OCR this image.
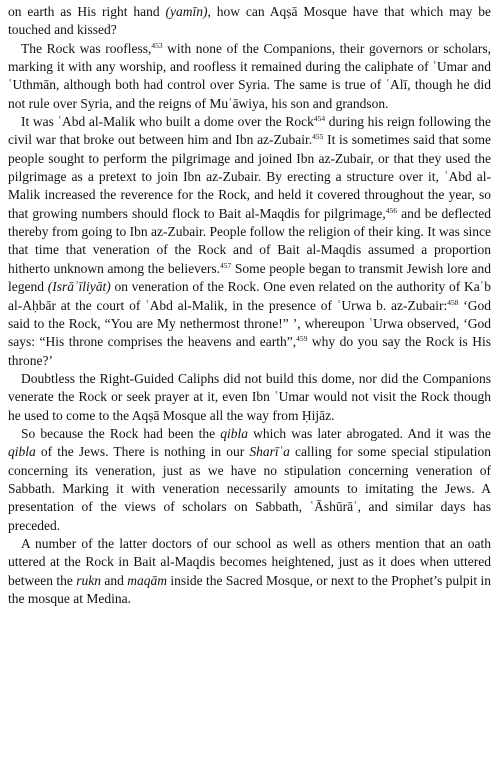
on earth as His right hand (yamīn), how can Aqṣā Mosque have that which may be touched and kissed?

The Rock was roofless,$^{453}$ with none of the Companions, their governors or scholars, marking it with any worship, and roofless it remained during the caliphate of ʿUmar and ʿUthmān, although both had control over Syria. The same is true of ʿAlī, though he did not rule over Syria, and the reigns of Muʿāwiya, his son and grandson.

It was ʿAbd al-Malik who built a dome over the Rock$^{454}$ during his reign following the civil war that broke out between him and Ibn az-Zubair.$^{455}$ It is sometimes said that some people sought to perform the pilgrimage and joined Ibn az-Zubair, or that they used the pilgrimage as a pretext to join Ibn az-Zubair. By erecting a structure over it, ʿAbd al-Malik increased the reverence for the Rock, and held it covered throughout the year, so that growing numbers should flock to Bait al-Maqdis for pilgrimage,$^{456}$ and be deflected thereby from going to Ibn az-Zubair. People follow the religion of their king. It was since that time that veneration of the Rock and of Bait al-Maqdis assumed a proportion hitherto unknown among the believers.$^{457}$ Some people began to transmit Jewish lore and legend (Isrāʾīliyāt) on veneration of the Rock. One even related on the authority of Kaʿb al-Aḥbār at the court of ʿAbd al-Malik, in the presence of ʿUrwa b. az-Zubair:$^{458}$ ‘God said to the Rock, “You are My nethermost throne!” ’, whereupon ʿUrwa observed, ‘God says: “His throne comprises the heavens and earth”,$^{459}$ why do you say the Rock is His throne?’

Doubtless the Right-Guided Caliphs did not build this dome, nor did the Companions venerate the Rock or seek prayer at it, even Ibn ʿUmar would not visit the Rock though he used to come to the Aqṣā Mosque all the way from Ḥijāz.

So because the Rock had been the qibla which was later abrogated. And it was the qibla of the Jews. There is nothing in our Sharīʿa calling for some special stipulation concerning its veneration, just as we have no stipulation concerning veneration of Sabbath. Marking it with veneration necessarily amounts to imitating the Jews. A presentation of the views of scholars on Sabbath, ʿĀshūrāʾ, and similar days has preceded.

A number of the latter doctors of our school as well as others mention that an oath uttered at the Rock in Bait al-Maqdis becomes heightened, just as it does when uttered between the rukn and maqām inside the Sacred Mosque, or next to the Prophet’s pulpit in the mosque at Medina.
